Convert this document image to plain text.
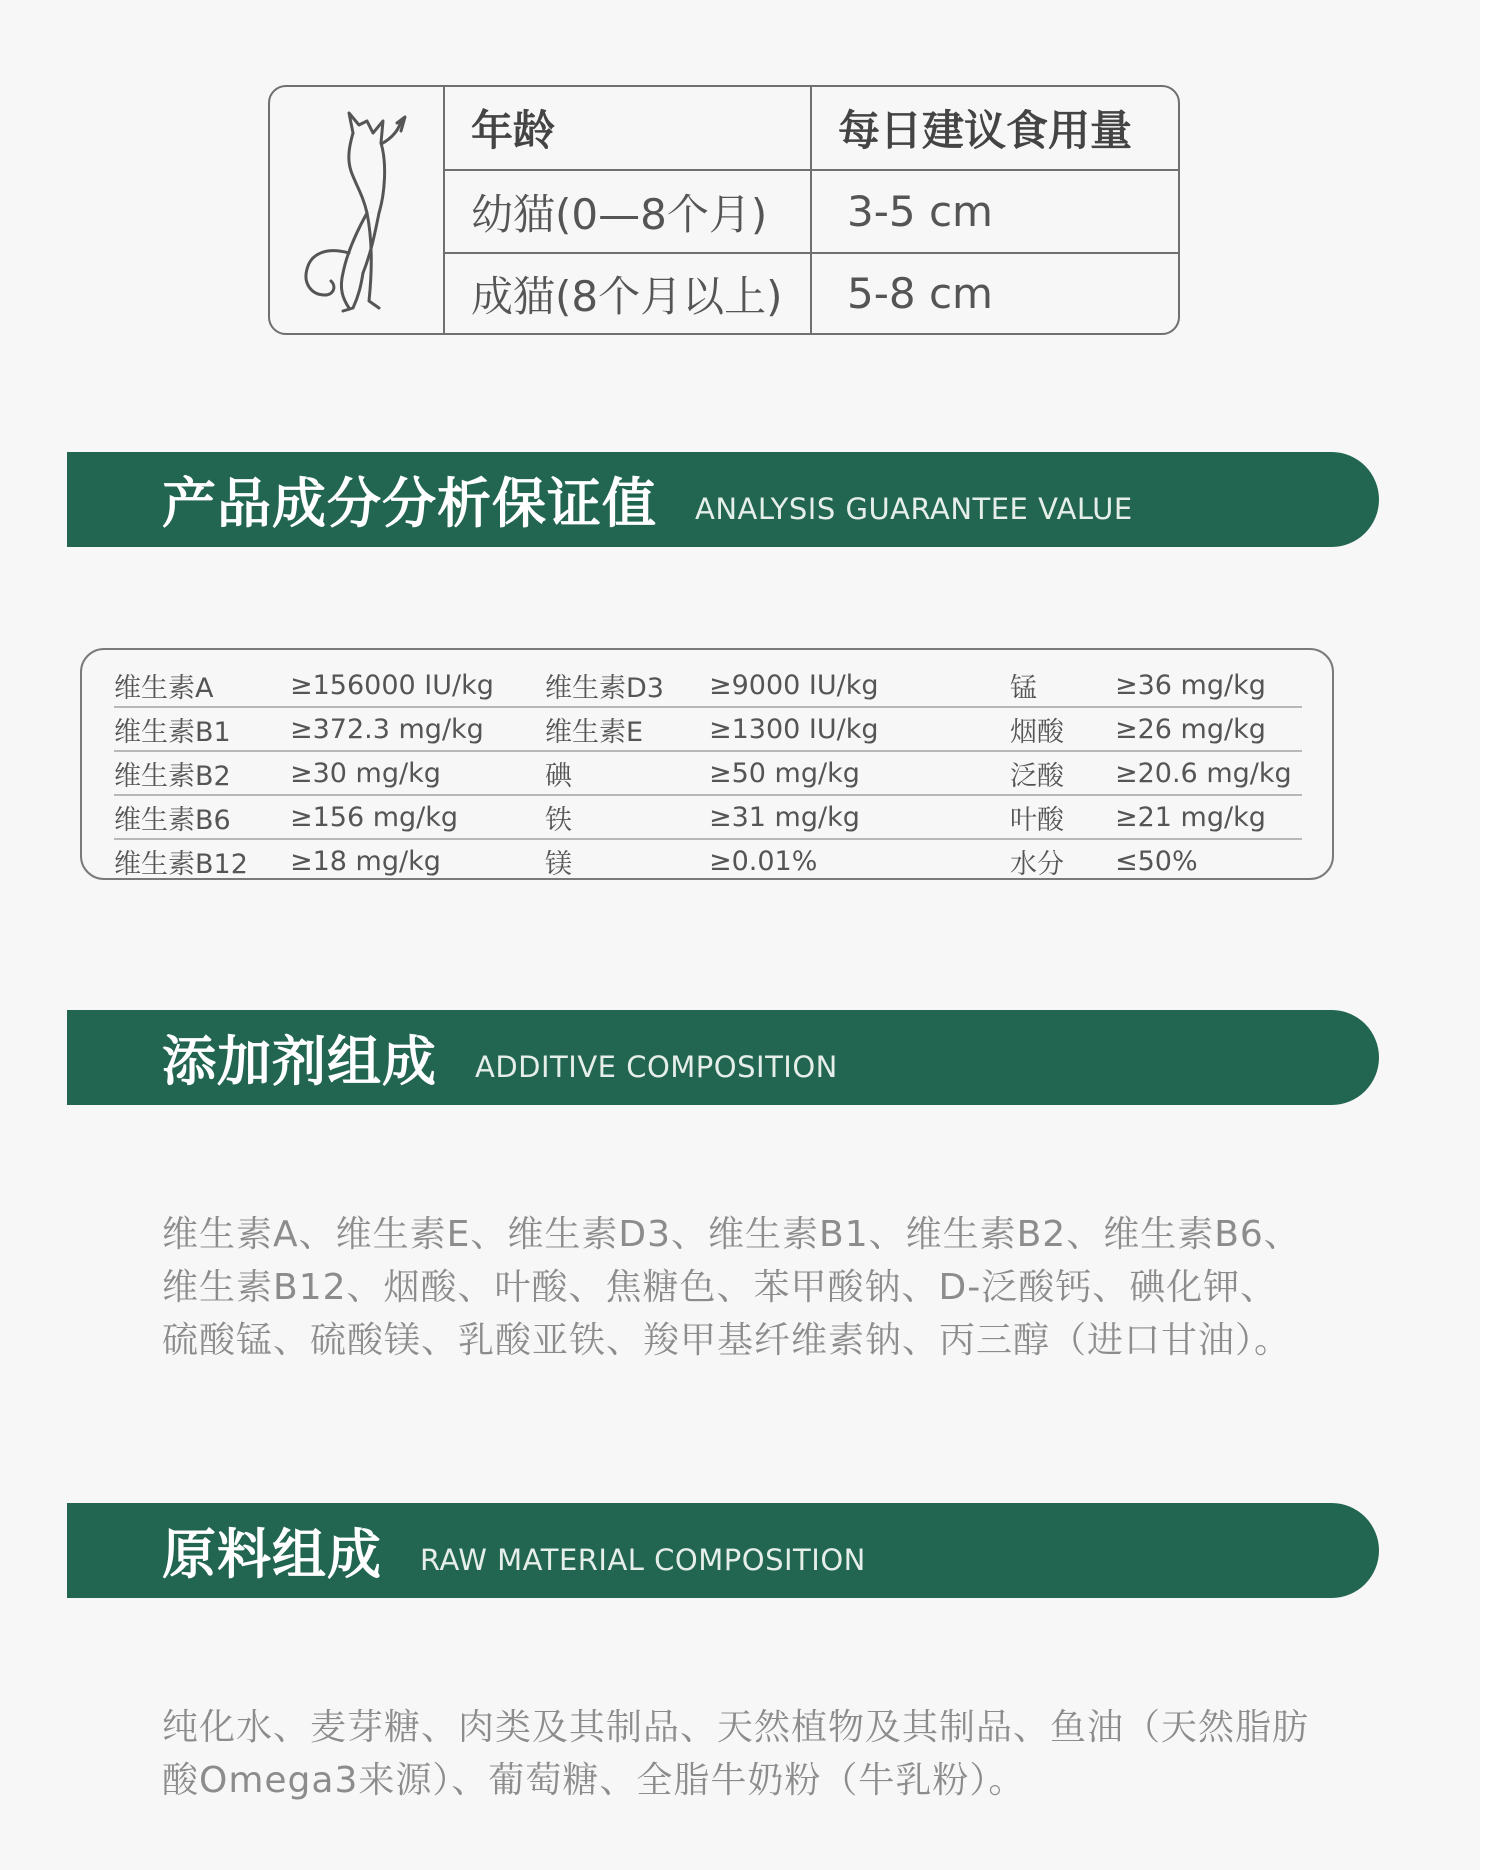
年龄	每日建议食用量
幼猫(0—8个月)	3-5 cm
成猫(8个月以上)	5-8 cm
产品成分分析保证值 ANALYSIS GUARANTEE VALUE
维生素A	≥156000 IU/kg	维生素D3	≥9000 IU/kg	锰	≥36 mg/kg
维生素B1	≥372.3 mg/kg	维生素E	≥1300 IU/kg	烟酸	≥26 mg/kg
维生素B2	≥30 mg/kg	碘	≥50 mg/kg	泛酸	≥20.6 mg/kg
维生素B6	≥156 mg/kg	铁	≥31 mg/kg	叶酸	≥21 mg/kg
维生素B12	≥18 mg/kg	镁	≥0.01%	水分	≤50%
添加剂组成 ADDITIVE COMPOSITION
维生素A、维生素E、维生素D3、维生素B1、维生素B2、维生素B6、
维生素B12、烟酸、叶酸、焦糖色、苯甲酸钠、D-泛酸钙、碘化钾、
硫酸锰、硫酸镁、乳酸亚铁、羧甲基纤维素钠、丙三醇（进口甘油）。
原料组成 RAW MATERIAL COMPOSITION
纯化水、麦芽糖、肉类及其制品、天然植物及其制品、鱼油（天然脂肪
酸Omega3来源）、葡萄糖、全脂牛奶粉（牛乳粉）。
